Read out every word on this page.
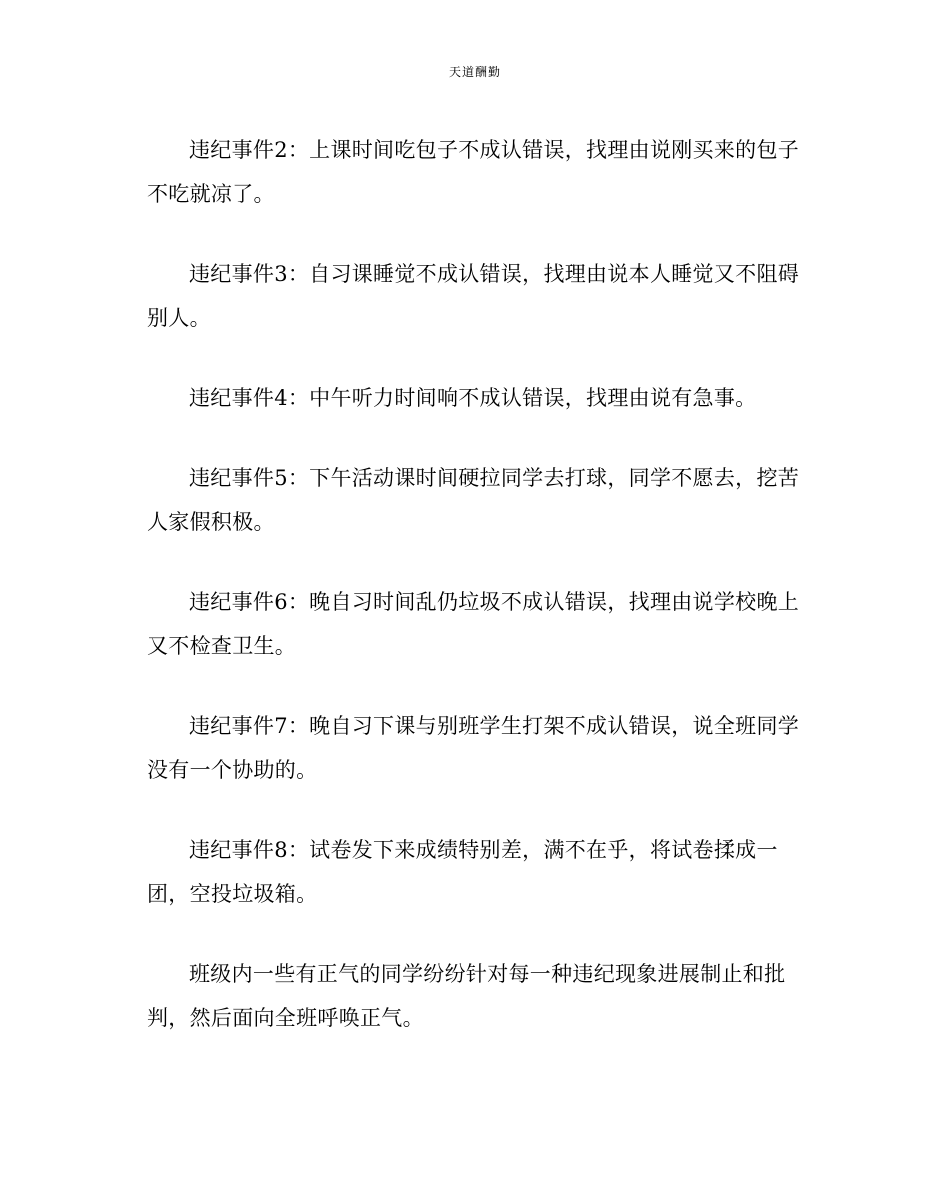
天道酬勤

违纪事件2：上课时间吃包子不成认错误，找理由说刚买来的包子不吃就凉了。

违纪事件3：自习课睡觉不成认错误，找理由说本人睡觉又不阻碍别人。

违纪事件4：中午听力时间响不成认错误，找理由说有急事。

违纪事件5：下午活动课时间硬拉同学去打球，同学不愿去，挖苦人家假积极。

违纪事件6：晚自习时间乱仍垃圾不成认错误，找理由说学校晚上又不检查卫生。

违纪事件7：晚自习下课与别班学生打架不成认错误，说全班同学没有一个协助的。

违纪事件8：试卷发下来成绩特别差，满不在乎，将试卷揉成一团，空投垃圾箱。

班级内一些有正气的同学纷纷针对每一种违纪现象进展制止和批判，然后面向全班呼唤正气。
